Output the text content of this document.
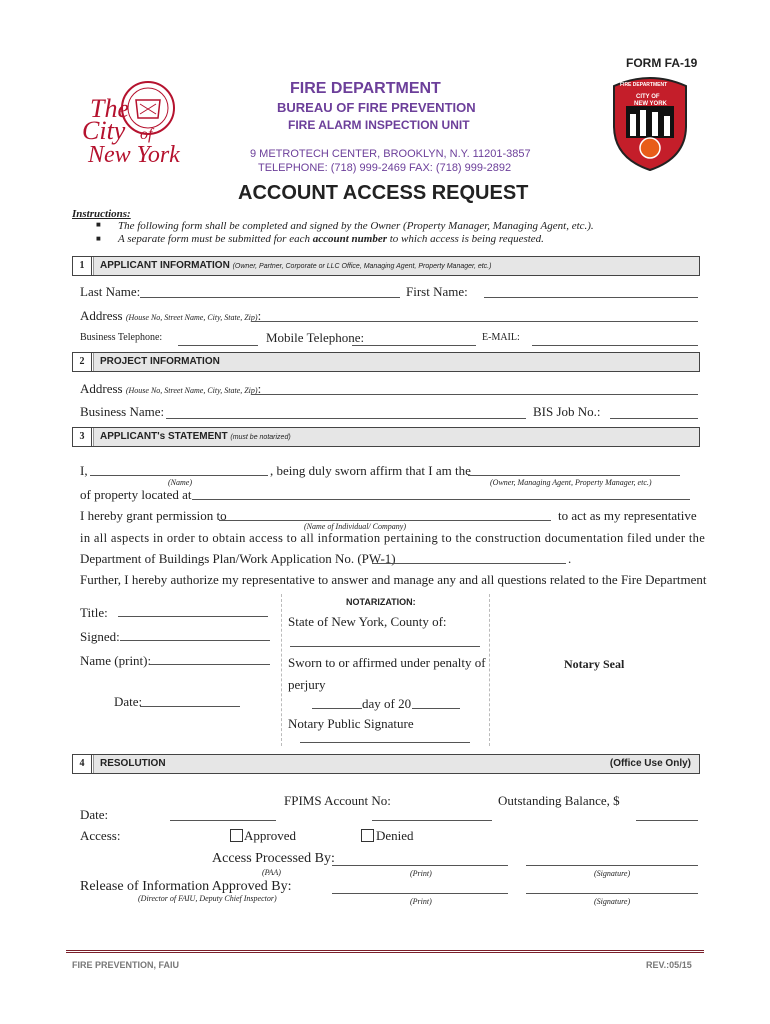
FORM FA-19
The
City of
New York
FIRE DEPARTMENT
CITY OF
NEW YORK
FIRE DEPARTMENT
BUREAU OF FIRE PREVENTION
FIRE ALARM INSPECTION UNIT
9 METROTECH CENTER, BROOKLYN, N.Y. 11201-3857
TELEPHONE: (718) 999-2469 FAX: (718) 999-2892
ACCOUNT ACCESS REQUEST
Instructions:
■ The following form shall be completed and signed by the Owner (Property Manager, Managing Agent, etc.).
■ A separate form must be submitted for each account number to which access is being requested.
1	APPLICANT INFORMATION (Owner, Partner, Corporate or LLC Office, Managing Agent, Property Manager, etc.)
Last Name:	First Name:
Address (House No, Street Name, City, State, Zip):
Business Telephone:	Mobile Telephone:	E-MAIL:
2	PROJECT INFORMATION
Address (House No, Street Name, City, State, Zip):
Business Name:	BIS Job No.:
3	APPLICANT's STATEMENT (must be notarized)
I,	, being duly sworn affirm that I am the
(Name)	(Owner, Managing Agent, Property Manager, etc.)
of property located at
I hereby grant permission to	to act as my representative
(Name of Individual/ Company)
in all aspects in order to obtain access to all information pertaining to the construction documentation filed under the
Department of Buildings Plan/Work Application No. (PW-1)	.
Further, I hereby authorize my representative to answer and manage any and all questions related to the Fire Department
Title:
Signed:
Name (print):
Date:
NOTARIZATION:
State of New York, County of:
Sworn to or affirmed under penalty of
perjury
day of 20
Notary Public Signature
Notary Seal
4	RESOLUTION	(Office Use Only)
FPIMS Account No:	Outstanding Balance, $
Date:
Access:	Approved	Denied
Access Processed By:
(PAA)	(Print)	(Signature)
Release of Information Approved By:
(Director of FAIU, Deputy Chief Inspector)	(Print)	(Signature)
FIRE PREVENTION, FAIU	REV.:05/15
